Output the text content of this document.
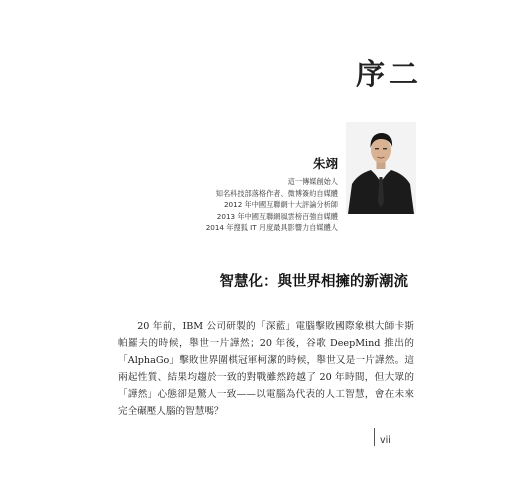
序二
朱翊
這一傳媒創始人
知名科技部落格作者、微博簽約自媒體
2012 年中國互聯網十大評論分析師
2013 年中國互聯網風雲榜百強自媒體
2014 年搜狐 IT 月度最具影響力自媒體人
智慧化：與世界相擁的新潮流

20 年前，IBM 公司研製的「深藍」電腦擊敗國際象棋大師卡斯帕羅夫的時候，舉世一片譁然；20 年後，谷歌 DeepMind 推出的「AlphaGo」擊敗世界圍棋冠軍柯潔的時候，舉世又是一片譁然。這兩起性質、結果均趨於一致的對戰雖然跨越了 20 年時間，但大眾的「譁然」心態卻是驚人一致——以電腦為代表的人工智慧，會在未來完全碾壓人腦的智慧嗎？

vii
